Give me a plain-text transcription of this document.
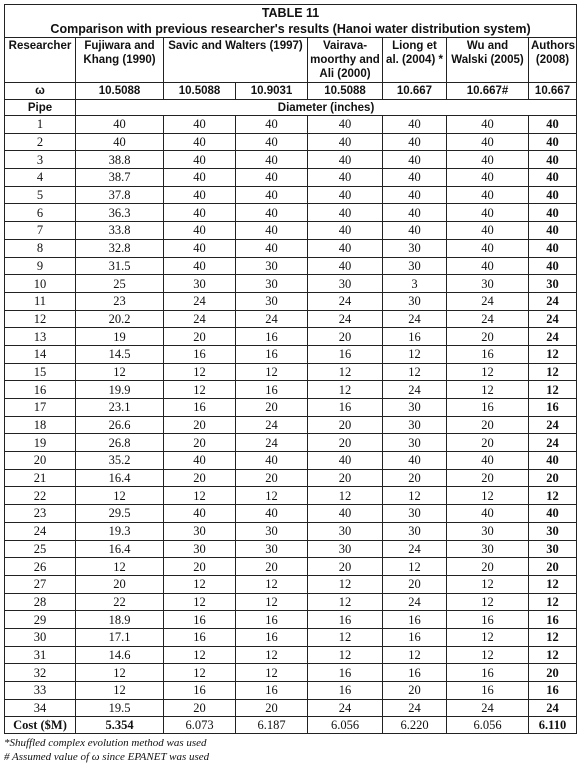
TABLE 11							
Comparison with previous researcher's results (Hanoi water distribution system)							
Researcher	Fujiwara and Khang (1990)	Savic and Walters (1997)		Vairava-moorthy and Ali (2000)	Liong et al. (2004) *	Wu and Walski (2005)	Authors (2008)
ω	10.5088	10.5088	10.9031	10.5088	10.667	10.667#	10.667
Pipe	Diameter (inches)						
1	40	40	40	40	40	40	40
2	40	40	40	40	40	40	40
3	38.8	40	40	40	40	40	40
4	38.7	40	40	40	40	40	40
5	37.8	40	40	40	40	40	40
6	36.3	40	40	40	40	40	40
7	33.8	40	40	40	40	40	40
8	32.8	40	40	40	30	40	40
9	31.5	40	30	40	30	40	40
10	25	30	30	30	3	30	30
11	23	24	30	24	30	24	24
12	20.2	24	24	24	24	24	24
13	19	20	16	20	16	20	24
14	14.5	16	16	16	12	16	12
15	12	12	12	12	12	12	12
16	19.9	12	16	12	24	12	12
17	23.1	16	20	16	30	16	16
18	26.6	20	24	20	30	20	24
19	26.8	20	24	20	30	20	24
20	35.2	40	40	40	40	40	40
21	16.4	20	20	20	20	20	20
22	12	12	12	12	12	12	12
23	29.5	40	40	40	30	40	40
24	19.3	30	30	30	30	30	30
25	16.4	30	30	30	24	30	30
26	12	20	20	20	12	20	20
27	20	12	12	12	20	12	12
28	22	12	12	12	24	12	12
29	18.9	16	16	16	16	16	16
30	17.1	16	16	12	16	12	12
31	14.6	12	12	12	12	12	12
32	12	12	12	16	16	16	20
33	12	16	16	16	20	16	16
34	19.5	20	20	24	24	24	24
Cost ($M)	5.354	6.073	6.187	6.056	6.220	6.056	6.110
*Shuffled complex evolution method was used
# Assumed value of ω since EPANET was used
